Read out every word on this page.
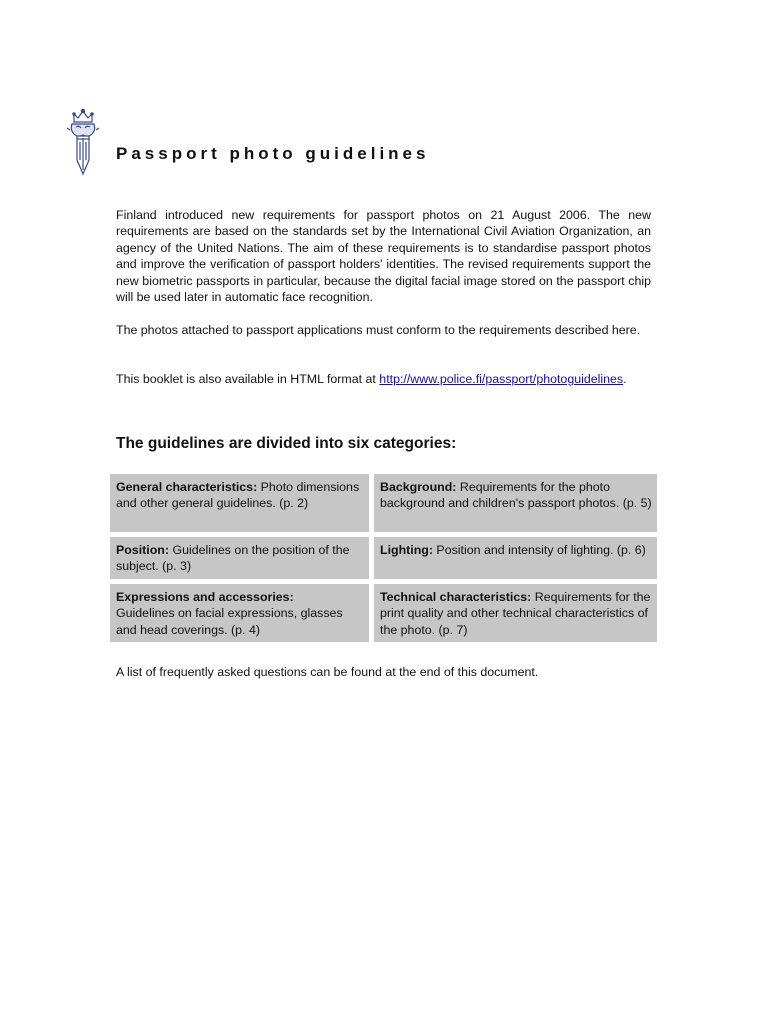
Passport photo guidelines

Finland introduced new requirements for passport photos on 21 August 2006. The new requirements are based on the standards set by the International Civil Aviation Organization, an agency of the United Nations. The aim of these requirements is to standardise passport photos and improve the verification of passport holders' identities. The revised requirements support the new biometric passports in particular, because the digital facial image stored on the passport chip will be used later in automatic face recognition.

The photos attached to passport applications must conform to the requirements described here.

This booklet is also available in HTML format at http://www.police.fi/passport/photoguidelines.

The guidelines are divided into six categories:
General characteristics: Photo dimensions and other general guidelines. (p. 2)
Background: Requirements for the photo background and children's passport photos. (p. 5)
Position: Guidelines on the position of the subject. (p. 3)
Lighting: Position and intensity of lighting. (p. 6)
Expressions and accessories:
Guidelines on facial expressions, glasses and head coverings. (p. 4)
Technical characteristics: Requirements for the print quality and other technical characteristics of the photo. (p. 7)

A list of frequently asked questions can be found at the end of this document.
